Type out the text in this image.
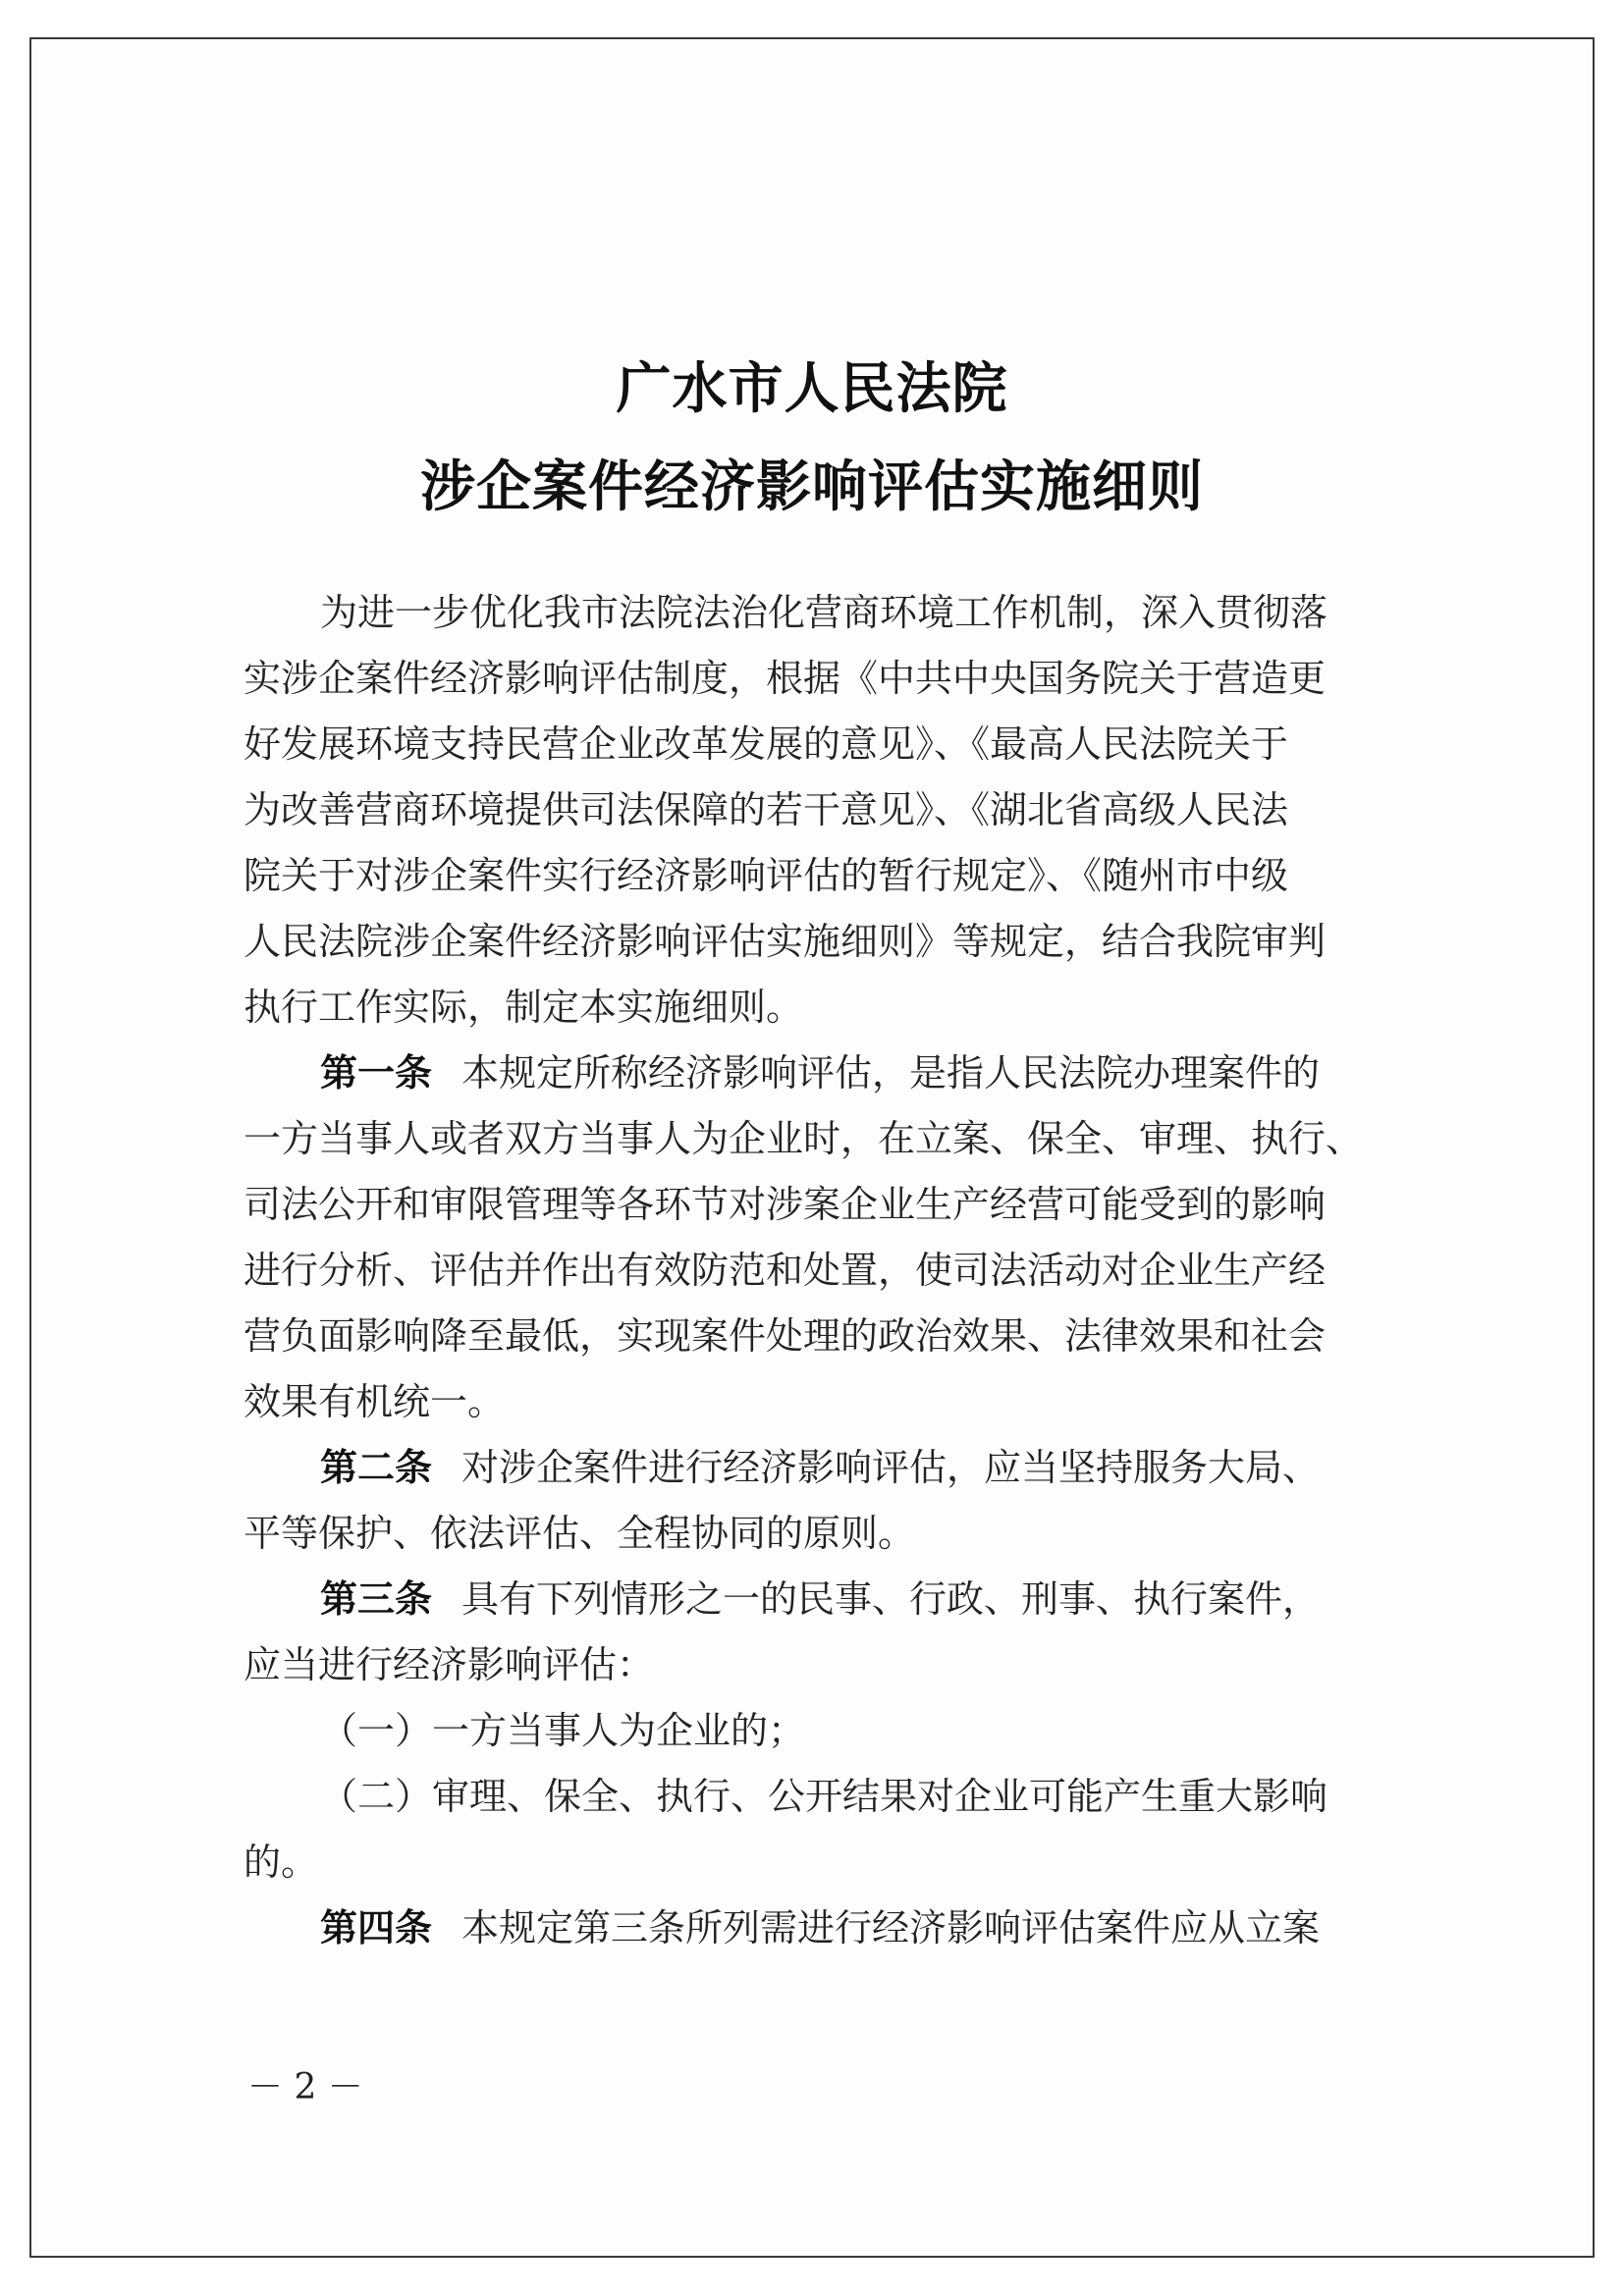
广水市人民法院
涉企案件经济影响评估实施细则
为进一步优化我市法院法治化营商环境工作机制，深入贯彻落
实涉企案件经济影响评估制度，根据《中共中央国务院关于营造更
好发展环境支持民营企业改革发展的意见》、《最高人民法院关于
为改善营商环境提供司法保障的若干意见》、《湖北省高级人民法
院关于对涉企案件实行经济影响评估的暂行规定》、《随州市中级
人民法院涉企案件经济影响评估实施细则》等规定，结合我院审判
执行工作实际，制定本实施细则。
第一条 本规定所称经济影响评估，是指人民法院办理案件的
一方当事人或者双方当事人为企业时，在立案、保全、审理、执行、
司法公开和审限管理等各环节对涉案企业生产经营可能受到的影响
进行分析、评估并作出有效防范和处置，使司法活动对企业生产经
营负面影响降至最低，实现案件处理的政治效果、法律效果和社会
效果有机统一。
第二条 对涉企案件进行经济影响评估，应当坚持服务大局、
平等保护、依法评估、全程协同的原则。
第三条 具有下列情形之一的民事、行政、刑事、执行案件，
应当进行经济影响评估：
（一）一方当事人为企业的；
（二）审理、保全、执行、公开结果对企业可能产生重大影响
的。
第四条 本规定第三条所列需进行经济影响评估案件应从立案
－ 2 －
